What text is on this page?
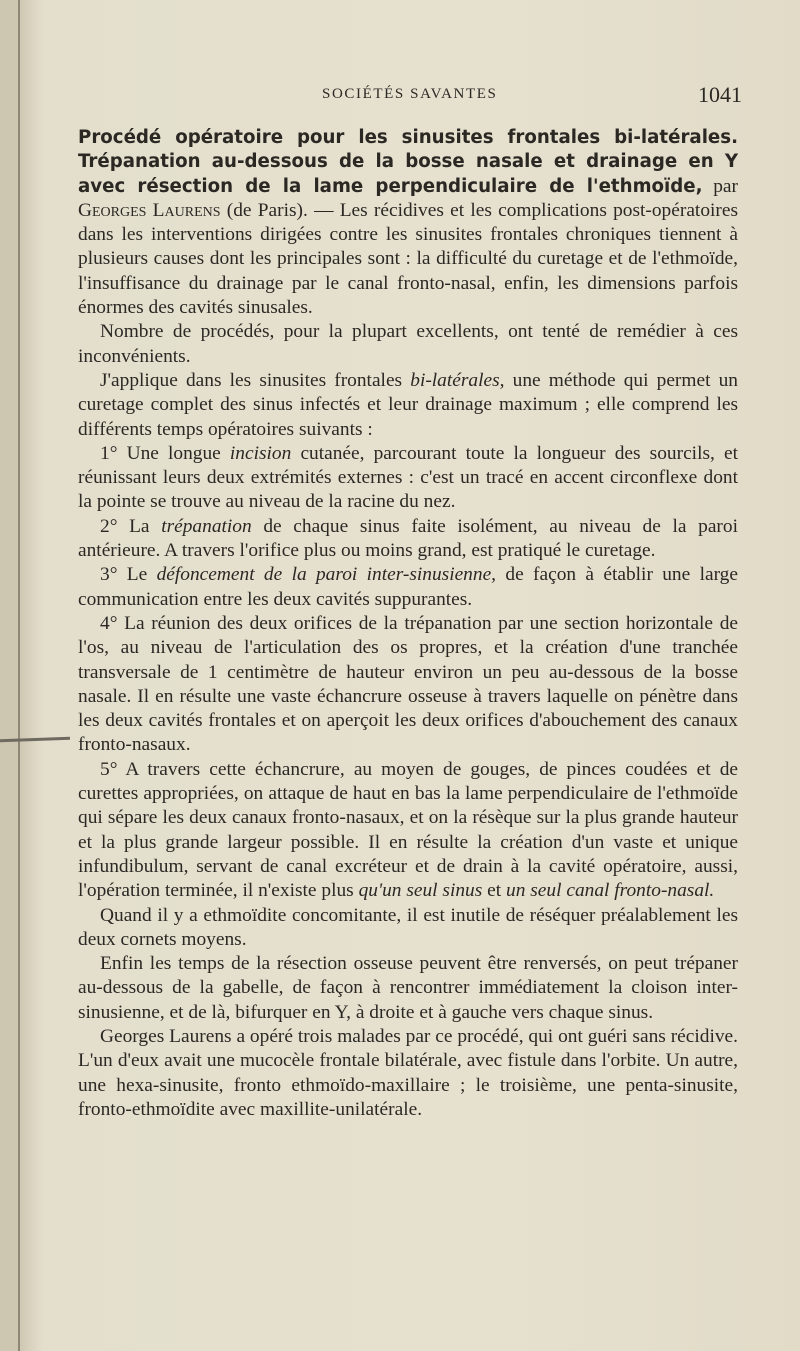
SOCIÉTÉS SAVANTES	1041

Procédé opératoire pour les sinusites frontales bi-latérales. Trépanation au-dessous de la bosse nasale et drainage en Y avec résection de la lame perpendiculaire de l'ethmoïde, par Georges Laurens (de Paris). — Les récidives et les complications post-opératoires dans les interventions dirigées contre les sinusites frontales chroniques tiennent à plusieurs causes dont les principales sont : la difficulté du curetage et de l'ethmoïde, l'insuffisance du drainage par le canal fronto-nasal, enfin, les dimensions parfois énormes des cavités sinusales.

Nombre de procédés, pour la plupart excellents, ont tenté de remédier à ces inconvénients.

J'applique dans les sinusites frontales bi-latérales, une méthode qui permet un curetage complet des sinus infectés et leur drainage maximum ; elle comprend les différents temps opératoires suivants :

1° Une longue incision cutanée, parcourant toute la longueur des sourcils, et réunissant leurs deux extrémités externes : c'est un tracé en accent circonflexe dont la pointe se trouve au niveau de la racine du nez.

2° La trépanation de chaque sinus faite isolément, au niveau de la paroi antérieure. A travers l'orifice plus ou moins grand, est pratiqué le curetage.

3° Le défoncement de la paroi inter-sinusienne, de façon à établir une large communication entre les deux cavités suppurantes.

4° La réunion des deux orifices de la trépanation par une section horizontale de l'os, au niveau de l'articulation des os propres, et la création d'une tranchée transversale de 1 centimètre de hauteur environ un peu au-dessous de la bosse nasale. Il en résulte une vaste échancrure osseuse à travers laquelle on pénètre dans les deux cavités frontales et on aperçoit les deux orifices d'abouchement des canaux fronto-nasaux.

5° A travers cette échancrure, au moyen de gouges, de pinces coudées et de curettes appropriées, on attaque de haut en bas la lame perpendiculaire de l'ethmoïde qui sépare les deux canaux fronto-nasaux, et on la résèque sur la plus grande hauteur et la plus grande largeur possible. Il en résulte la création d'un vaste et unique infundibulum, servant de canal excréteur et de drain à la cavité opératoire, aussi, l'opération terminée, il n'existe plus qu'un seul sinus et un seul canal fronto-nasal.

Quand il y a ethmoïdite concomitante, il est inutile de réséquer préalablement les deux cornets moyens.

Enfin les temps de la résection osseuse peuvent être renversés, on peut trépaner au-dessous de la gabelle, de façon à rencontrer immédiatement la cloison inter-sinusienne, et de là, bifurquer en Y, à droite et à gauche vers chaque sinus.

Georges Laurens a opéré trois malades par ce procédé, qui ont guéri sans récidive. L'un d'eux avait une mucocèle frontale bilatérale, avec fistule dans l'orbite. Un autre, une hexa-sinusite, fronto ethmoïdo-maxillaire ; le troisième, une penta-sinusite, fronto-ethmoïdite avec maxillite-unilatérale.
